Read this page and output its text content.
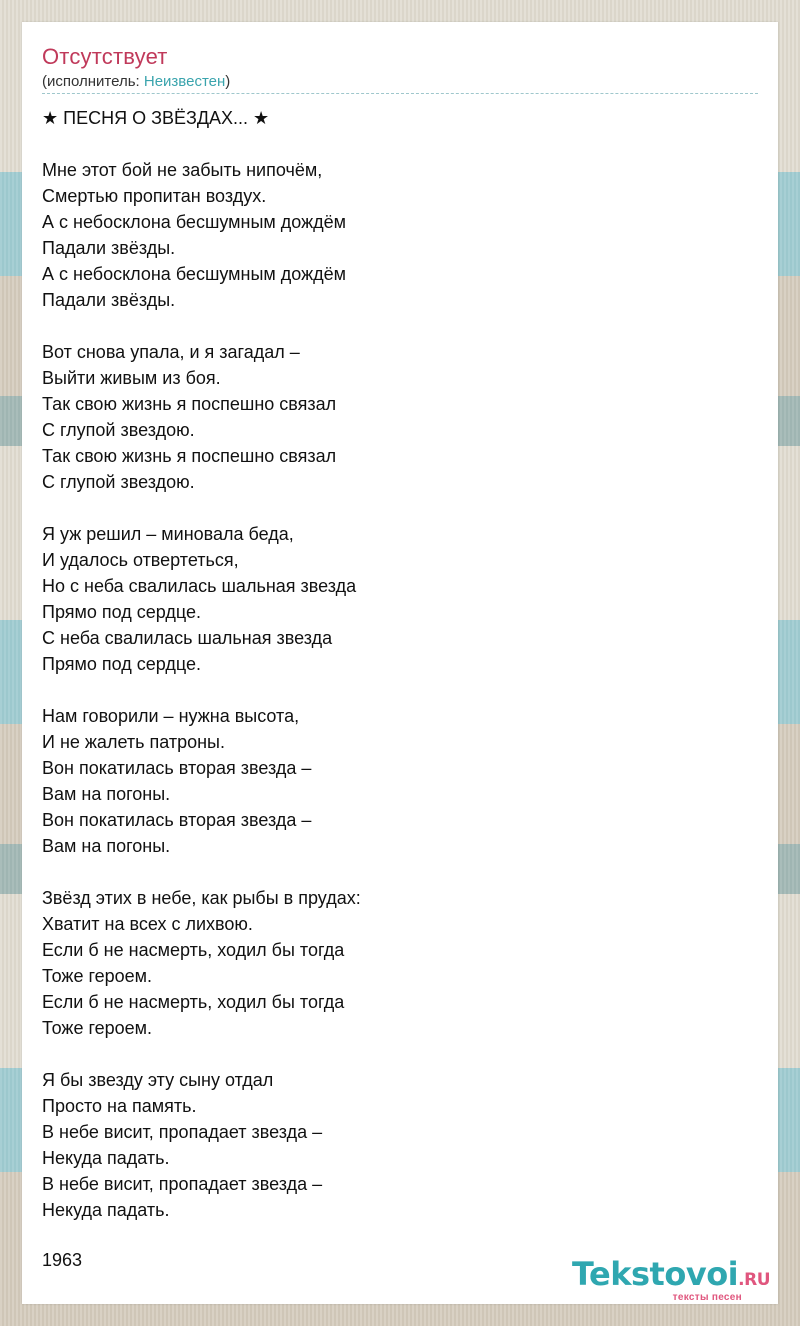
Отсутствует
(исполнитель: Неизвестен)
★ ПЕСНЯ О ЗВЁЗДАХ... ★
Мне этот бой не забыть нипочём,
Смертью пропитан воздух.
А с небосклона бесшумным дождём
Падали звёзды.
А с небосклона бесшумным дождём
Падали звёзды.
Вот снова упала, и я загадал –
Выйти живым из боя.
Так свою жизнь я поспешно связал
С глупой звездою.
Так свою жизнь я поспешно связал
С глупой звездою.
Я уж решил – миновала беда,
И удалось отвертеться,
Но с неба свалилась шальная звезда
Прямо под сердце.
С неба свалилась шальная звезда
Прямо под сердце.
Нам говорили – нужна высота,
И не жалеть патроны.
Вон покатилась вторая звезда –
Вам на погоны.
Вон покатилась вторая звезда –
Вам на погоны.
Звёзд этих в небе, как рыбы в прудах:
Хватит на всех с лихвою.
Если б не насмерть, ходил бы тогда
Тоже героем.
Если б не насмерть, ходил бы тогда
Тоже героем.
Я бы звезду эту сыну отдал
Просто на память.
В небе висит, пропадает звезда –
Некуда падать.
В небе висит, пропадает звезда –
Некуда падать.
1963	Tekstovoi.RU
тексты песен
